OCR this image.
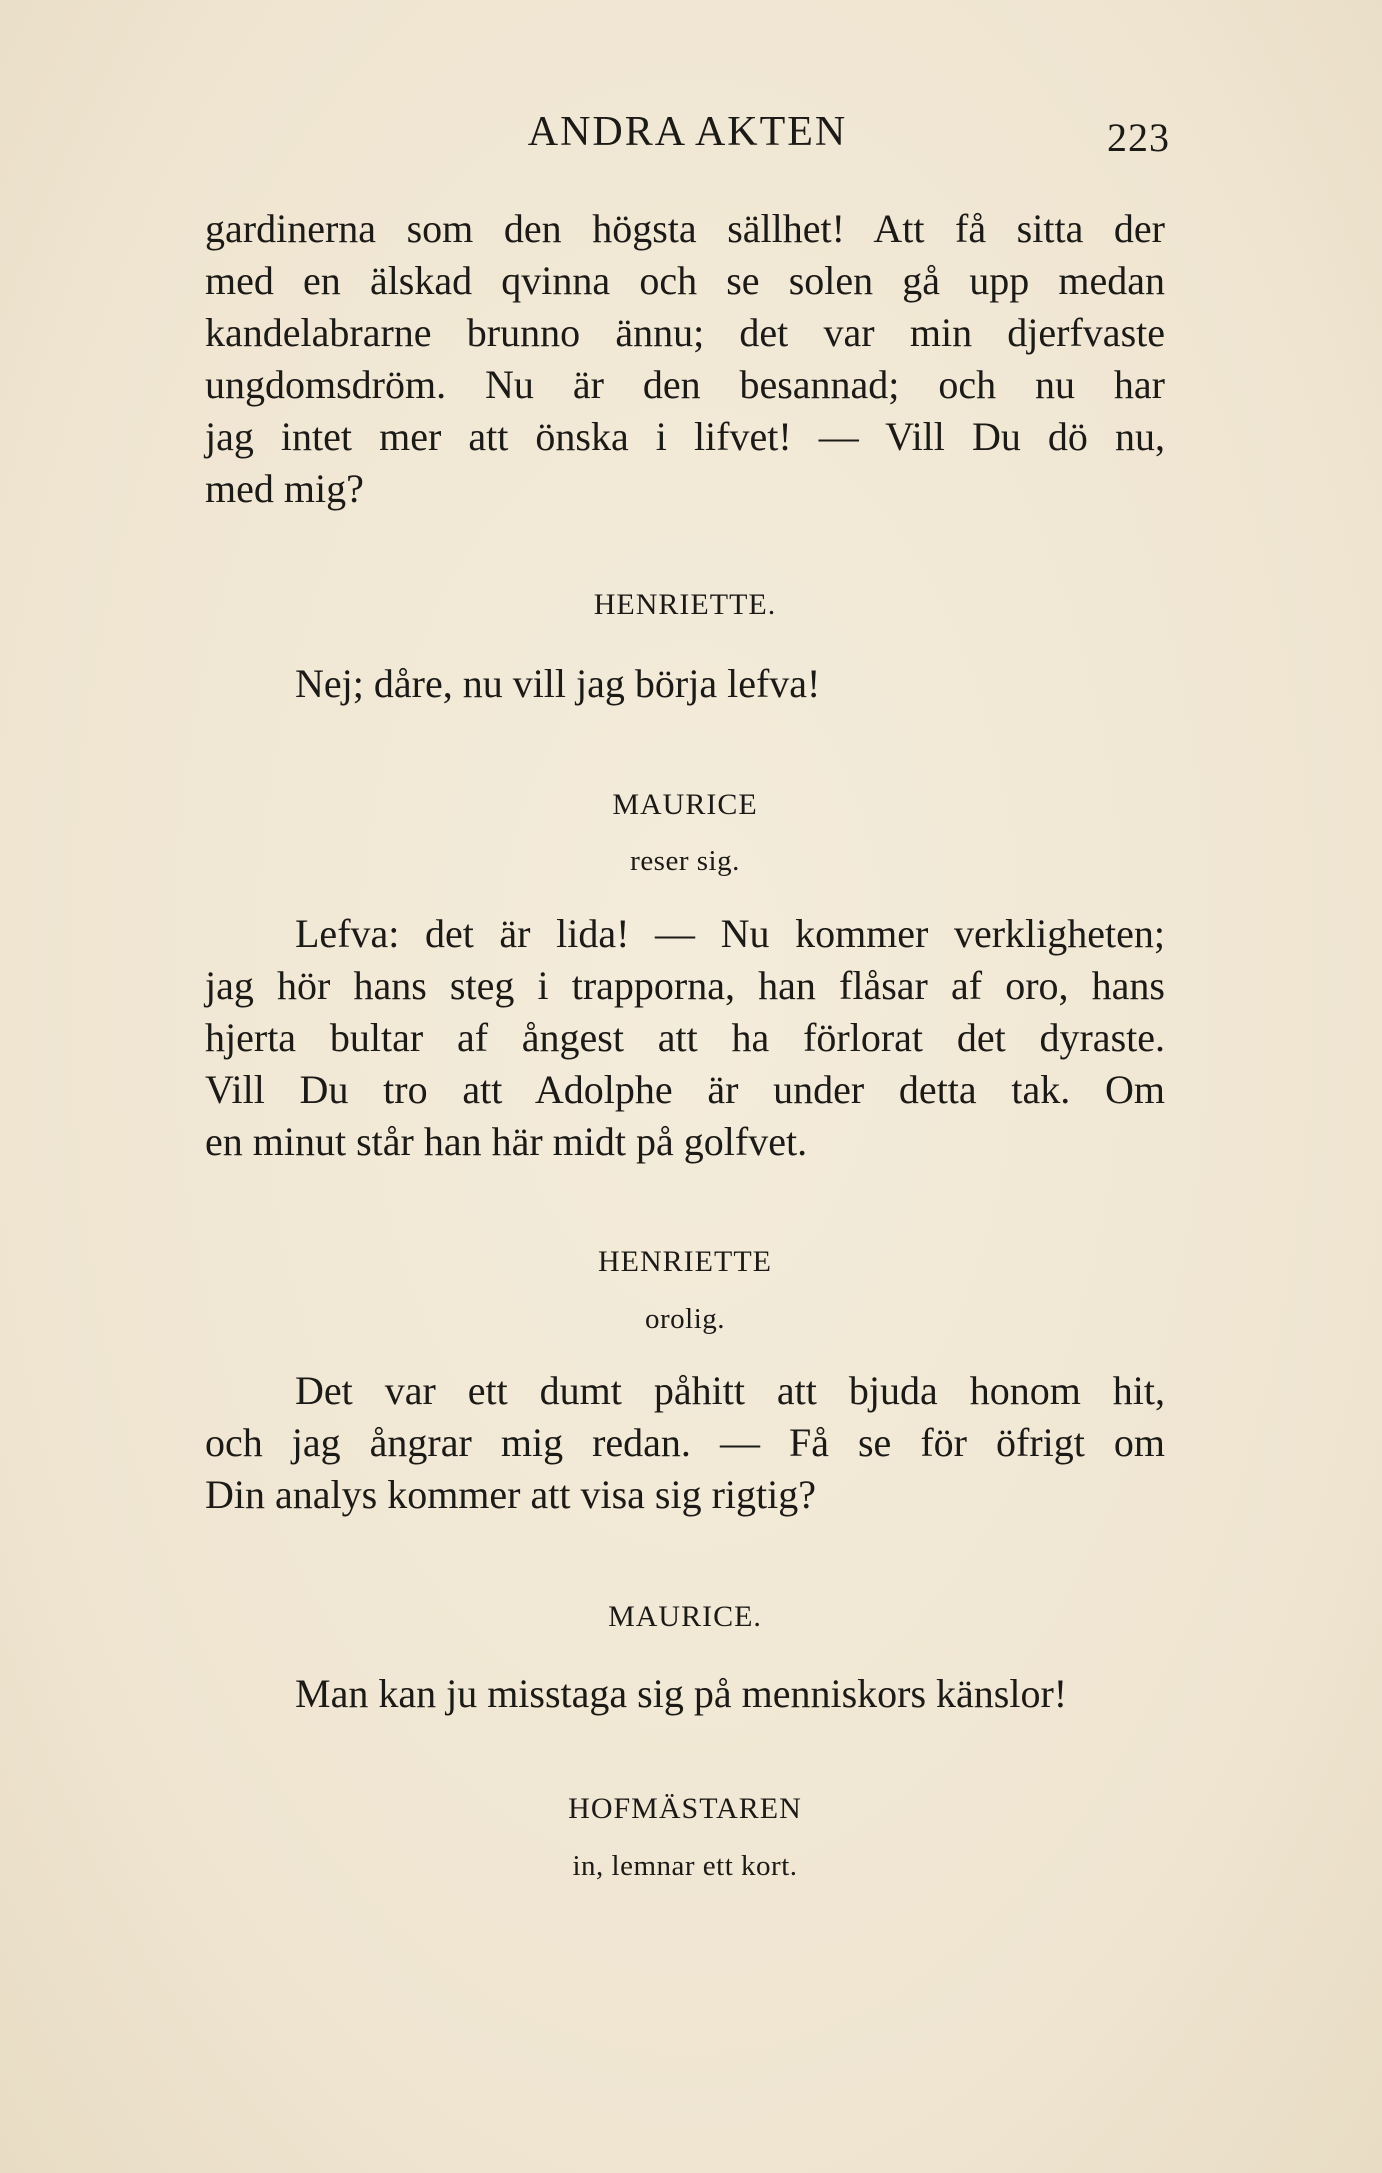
ANDRA AKTEN	223
gardinerna som den högsta sällhet! Att få sitta der
med en älskad qvinna och se solen gå upp medan
kandelabrarne brunno ännu; det var min djerfvaste
ungdomsdröm. Nu är den besannad; och nu har
jag intet mer att önska i lifvet! — Vill Du dö nu,
med mig?
HENRIETTE.
Nej; dåre, nu vill jag börja lefva!
MAURICE
reser sig.
Lefva: det är lida! — Nu kommer verkligheten;
jag hör hans steg i trapporna, han flåsar af oro, hans
hjerta bultar af ångest att ha förlorat det dyraste.
Vill Du tro att Adolphe är under detta tak. Om
en minut står han här midt på golfvet.
HENRIETTE
orolig.
Det var ett dumt påhitt att bjuda honom hit,
och jag ångrar mig redan. — Få se för öfrigt om
Din analys kommer att visa sig rigtig?
MAURICE.
Man kan ju misstaga sig på menniskors känslor!
HOFMÄSTAREN
in, lemnar ett kort.
